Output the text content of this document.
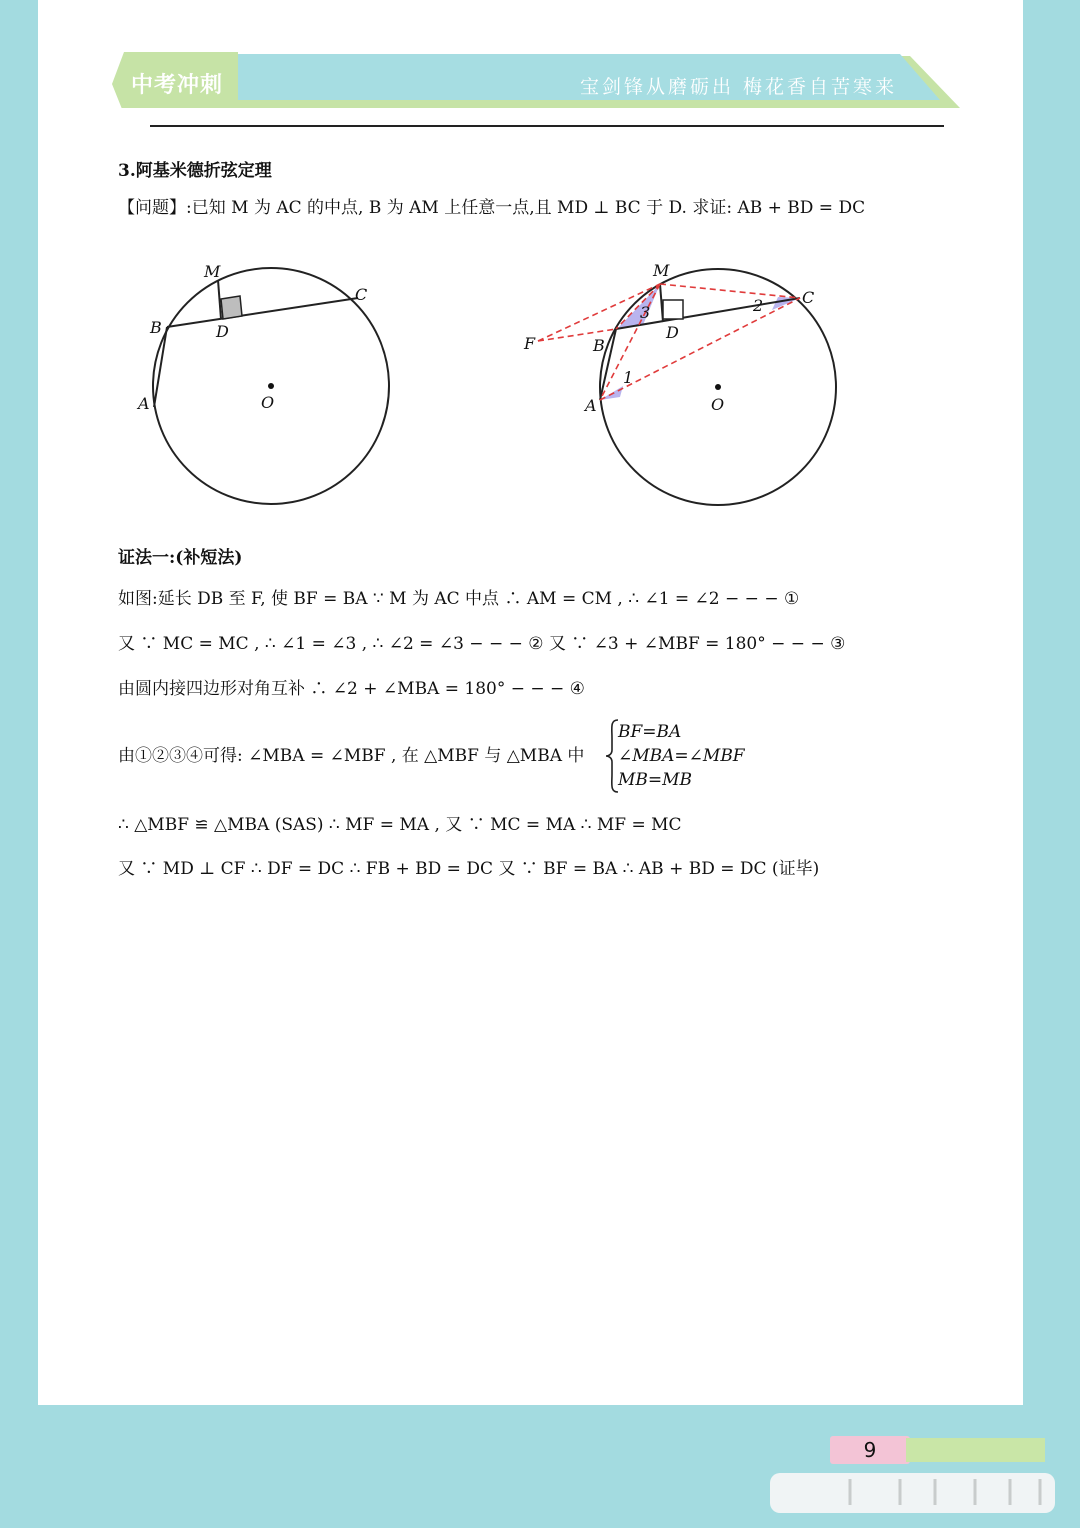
中考冲刺	宝剑锋从磨砺出 梅花香自苦寒来
3.阿基米德折弦定理
【问题】:已知 M 为 AC 的中点, B 为 AM 上任意一点,且 MD ⊥ BC 于 D. 求证: AB + BD = DC
M
C
B	D
A	O
M
C
F	B
D
A	O
1
2
3
证法一:(补短法)
如图:延长 DB 至 F, 使 BF = BA ∵ M 为 AC 中点 ∴ AM = CM , ∴ ∠1 = ∠2 − − − ①
又 ∵ MC = MC , ∴ ∠1 = ∠3 , ∴ ∠2 = ∠3 − − − ② 又 ∵ ∠3 + ∠MBF = 180° − − − ③
由圆内接四边形对角互补 ∴ ∠2 + ∠MBA = 180° − − − ④
由①②③④可得: ∠MBA = ∠MBF , 在 △MBF 与 △MBA 中
BF=BA
∠MBA=∠MBF
MB=MB
∴ △MBF ≌ △MBA (SAS) ∴ MF = MA , 又 ∵ MC = MA ∴ MF = MC
又 ∵ MD ⊥ CF ∴ DF = DC ∴ FB + BD = DC 又 ∵ BF = BA ∴ AB + BD = DC (证毕)
9
